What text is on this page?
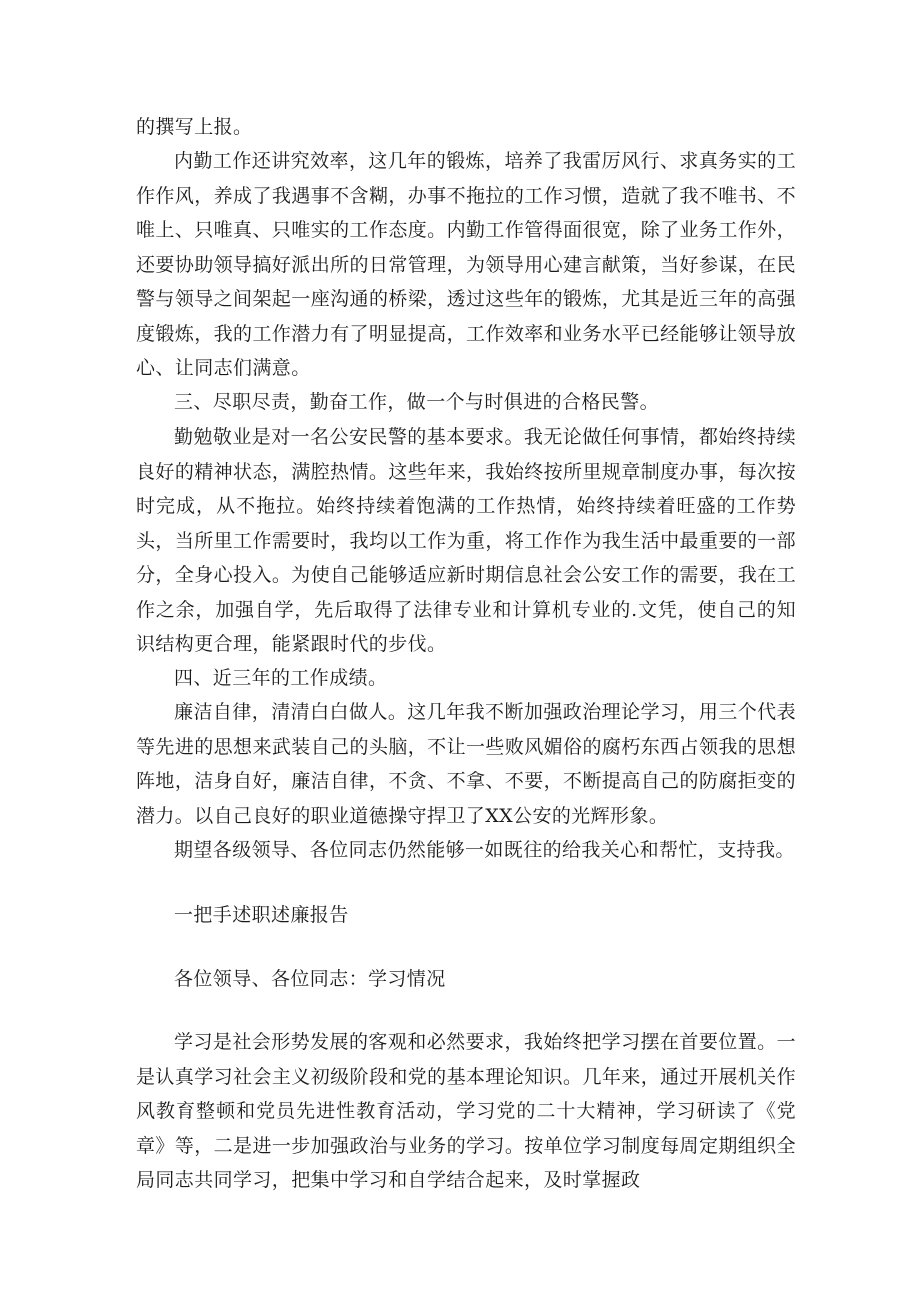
的撰写上报。
内勤工作还讲究效率，这几年的锻炼，培养了我雷厉风行、求真务实的工作作风，养成了我遇事不含糊，办事不拖拉的工作习惯，造就了我不唯书、不唯上、只唯真、只唯实的工作态度。内勤工作管得面很宽，除了业务工作外，还要协助领导搞好派出所的日常管理，为领导用心建言献策，当好参谋，在民警与领导之间架起一座沟通的桥梁，透过这些年的锻炼，尤其是近三年的高强度锻炼，我的工作潜力有了明显提高，工作效率和业务水平已经能够让领导放心、让同志们满意。
三、尽职尽责，勤奋工作，做一个与时俱进的合格民警。
勤勉敬业是对一名公安民警的基本要求。我无论做任何事情，都始终持续良好的精神状态，满腔热情。这些年来，我始终按所里规章制度办事，每次按时完成，从不拖拉。始终持续着饱满的工作热情，始终持续着旺盛的工作势头，当所里工作需要时，我均以工作为重，将工作作为我生活中最重要的一部分，全身心投入。为使自己能够适应新时期信息社会公安工作的需要，我在工作之余，加强自学，先后取得了法律专业和计算机专业的.文凭，使自己的知识结构更合理，能紧跟时代的步伐。
四、近三年的工作成绩。
廉洁自律，清清白白做人。这几年我不断加强政治理论学习，用三个代表等先进的思想来武装自己的头脑，不让一些败风媚俗的腐朽东西占领我的思想阵地，洁身自好，廉洁自律，不贪、不拿、不要，不断提高自己的防腐拒变的潜力。以自己良好的职业道德操守捍卫了XX公安的光辉形象。
期望各级领导、各位同志仍然能够一如既往的给我关心和帮忙，支持我。
一把手述职述廉报告
各位领导、各位同志：学习情况
学习是社会形势发展的客观和必然要求，我始终把学习摆在首要位置。一是认真学习社会主义初级阶段和党的基本理论知识。几年来，通过开展机关作风教育整顿和党员先进性教育活动，学习党的二十大精神，学习研读了《党章》等，二是进一步加强政治与业务的学习。按单位学习制度每周定期组织全局同志共同学习，把集中学习和自学结合起来，及时掌握政
